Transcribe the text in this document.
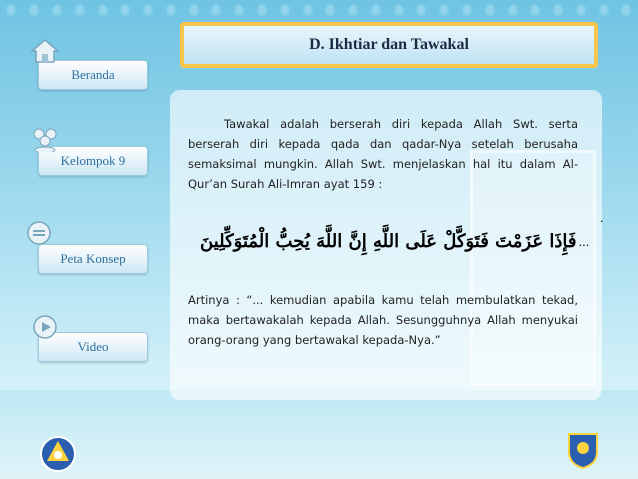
Beranda
Kelompok 9
Peta Konsep
Video
D. Ikhtiar dan Tawakal
Tawakal adalah berserah diri kepada Allah Swt. serta berserah diri kepada qada dan qadar-Nya setelah berusaha semaksimal mungkin. Allah Swt. menjelaskan hal itu dalam Al-Qur’an Surah Ali-Imran ayat 159 :
.
ﻓَﺈِﺫَﺍ ﻋَﺰَﻣْﺖَ ﻓَﺘَﻮَﻛَّﻞْ ﻋَﻠَﻰ ﺍﻟﻠَّﻪِ ﺇِﻥَّ ﺍﻟﻠَّﻪَ ﻳُﺤِﺐُّ ﺍﻟْﻤُﺘَﻮَﻛِّﻠِﻴﻦَ ...
Artinya : “... kemudian apabila kamu telah membulatkan tekad, maka bertawakalah kepada Allah. Sesungguhnya Allah menyukai orang-orang yang bertawakal kepada-Nya.”
